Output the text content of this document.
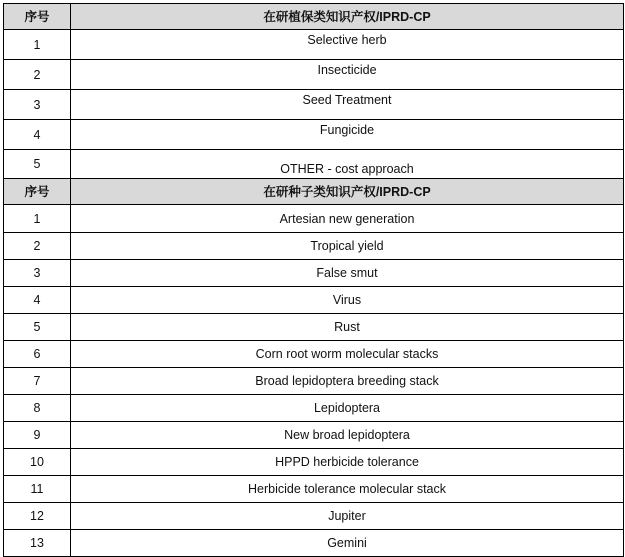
序号	在研植保类知识产权/IPRD-CP
1	Selective herb
2	Insecticide
3	Seed Treatment
4	Fungicide
5	OTHER - cost approach
序号	在研种子类知识产权/IPRD-CP
1	Artesian new generation
2	Tropical yield
3	False smut
4	Virus
5	Rust
6	Corn root worm molecular stacks
7	Broad lepidoptera breeding stack
8	Lepidoptera
9	New broad lepidoptera
10	HPPD herbicide tolerance
11	Herbicide tolerance molecular stack
12	Jupiter
13	Gemini
